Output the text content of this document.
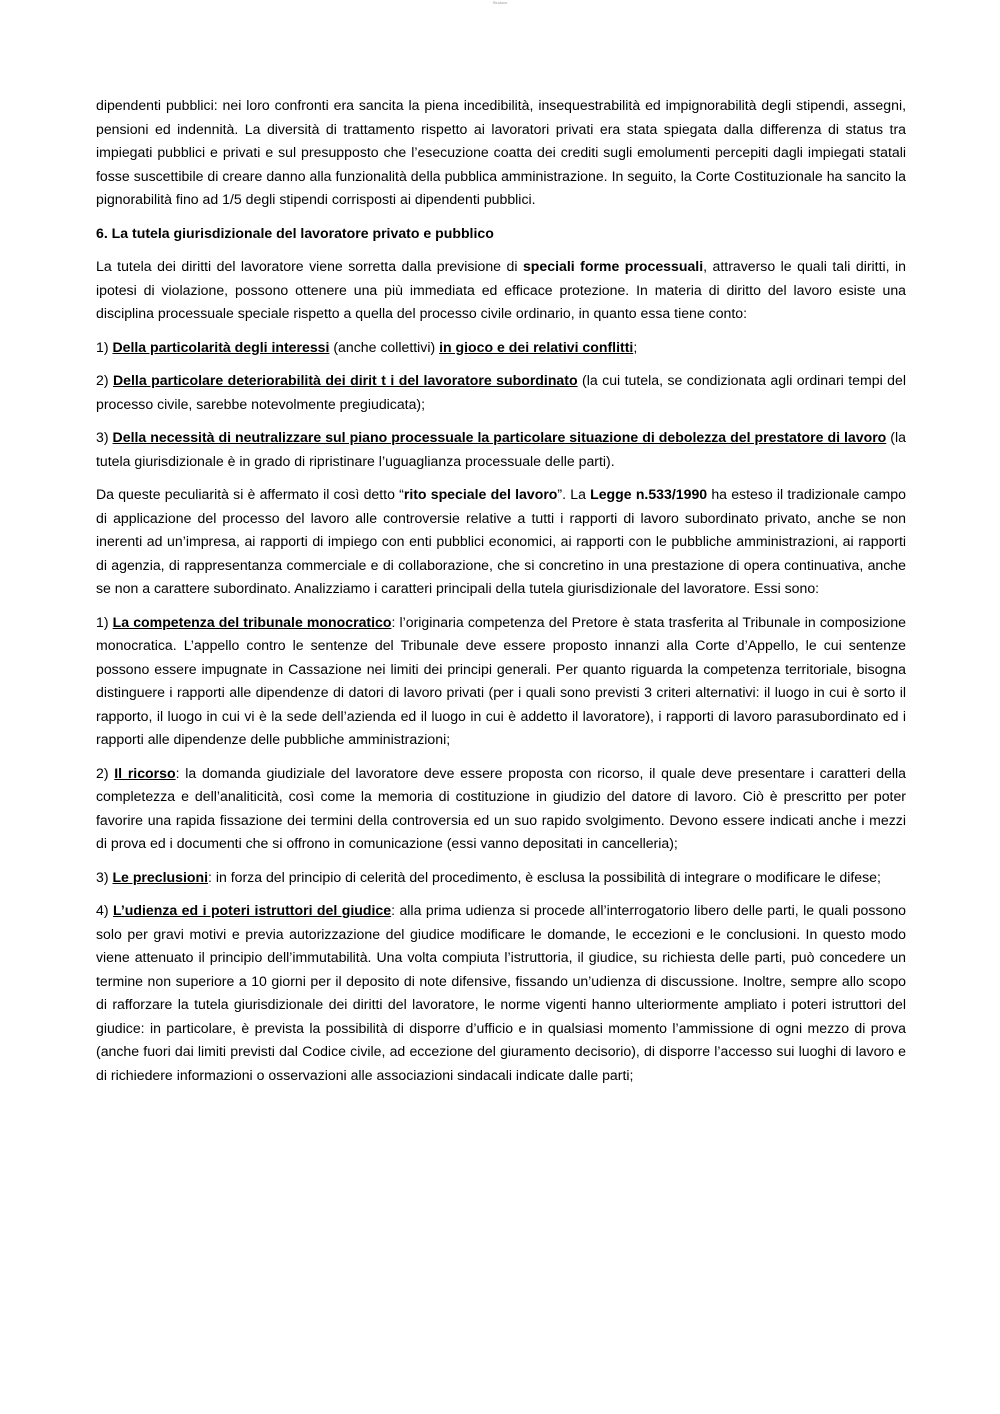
Studocu

dipendenti pubblici: nei loro confronti era sancita la piena incedibilità, insequestrabilità ed impignorabilità degli stipendi, assegni, pensioni ed indennità. La diversità di trattamento rispetto ai lavoratori privati era stata spiegata dalla differenza di status tra impiegati pubblici e privati e sul presupposto che l’esecuzione coatta dei crediti sugli emolumenti percepiti dagli impiegati statali fosse suscettibile di creare danno alla funzionalità della pubblica amministrazione. In seguito, la Corte Costituzionale ha sancito la pignorabilità fino ad 1/5 degli stipendi corrisposti ai dipendenti pubblici.

6. La tutela giurisdizionale del lavoratore privato e pubblico

La tutela dei diritti del lavoratore viene sorretta dalla previsione di speciali forme processuali, attraverso le quali tali diritti, in ipotesi di violazione, possono ottenere una più immediata ed efficace protezione. In materia di diritto del lavoro esiste una disciplina processuale speciale rispetto a quella del processo civile ordinario, in quanto essa tiene conto:

1) Della particolarità degli interessi (anche collettivi) in gioco e dei relativi conflitti;

2) Della particolare deteriorabilità dei dirit t i del lavoratore subordinato (la cui tutela, se condizionata agli ordinari tempi del processo civile, sarebbe notevolmente pregiudicata);

3) Della necessità di neutralizzare sul piano processuale la particolare situazione di debolezza del prestatore di lavoro (la tutela giurisdizionale è in grado di ripristinare l’uguaglianza processuale delle parti).

Da queste peculiarità si è affermato il così detto “rito speciale del lavoro”. La Legge n.533/1990 ha esteso il tradizionale campo di applicazione del processo del lavoro alle controversie relative a tutti i rapporti di lavoro subordinato privato, anche se non inerenti ad un’impresa, ai rapporti di impiego con enti pubblici economici, ai rapporti con le pubbliche amministrazioni, ai rapporti di agenzia, di rappresentanza commerciale e di collaborazione, che si concretino in una prestazione di opera continuativa, anche se non a carattere subordinato. Analizziamo i caratteri principali della tutela giurisdizionale del lavoratore. Essi sono:

1) La competenza del tribunale monocratico: l’originaria competenza del Pretore è stata trasferita al Tribunale in composizione monocratica. L’appello contro le sentenze del Tribunale deve essere proposto innanzi alla Corte d’Appello, le cui sentenze possono essere impugnate in Cassazione nei limiti dei principi generali. Per quanto riguarda la competenza territoriale, bisogna distinguere i rapporti alle dipendenze di datori di lavoro privati (per i quali sono previsti 3 criteri alternativi: il luogo in cui è sorto il rapporto, il luogo in cui vi è la sede dell’azienda ed il luogo in cui è addetto il lavoratore), i rapporti di lavoro parasubordinato ed i rapporti alle dipendenze delle pubbliche amministrazioni;

2) Il ricorso: la domanda giudiziale del lavoratore deve essere proposta con ricorso, il quale deve presentare i caratteri della completezza e dell’analiticità, così come la memoria di costituzione in giudizio del datore di lavoro. Ciò è prescritto per poter favorire una rapida fissazione dei termini della controversia ed un suo rapido svolgimento. Devono essere indicati anche i mezzi di prova ed i documenti che si offrono in comunicazione (essi vanno depositati in cancelleria);

3) Le preclusioni: in forza del principio di celerità del procedimento, è esclusa la possibilità di integrare o modificare le difese;

4) L’udienza ed i poteri istruttori del giudice: alla prima udienza si procede all’interrogatorio libero delle parti, le quali possono solo per gravi motivi e previa autorizzazione del giudice modificare le domande, le eccezioni e le conclusioni. In questo modo viene attenuato il principio dell’immutabilità. Una volta compiuta l’istruttoria, il giudice, su richiesta delle parti, può concedere un termine non superiore a 10 giorni per il deposito di note difensive, fissando un’udienza di discussione. Inoltre, sempre allo scopo di rafforzare la tutela giurisdizionale dei diritti del lavoratore, le norme vigenti hanno ulteriormente ampliato i poteri istruttori del giudice: in particolare, è prevista la possibilità di disporre d’ufficio e in qualsiasi momento l’ammissione di ogni mezzo di prova (anche fuori dai limiti previsti dal Codice civile, ad eccezione del giuramento decisorio), di disporre l’accesso sui luoghi di lavoro e di richiedere informazioni o osservazioni alle associazioni sindacali indicate dalle parti;
